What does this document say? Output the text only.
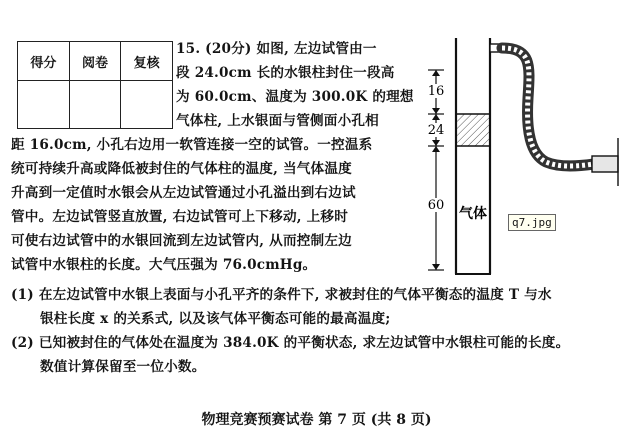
得分	阅卷	复核

15. (20分) 如图, 左边试管由一
段 24.0cm 长的水银柱封住一段高
为 60.0cm、温度为 300.0K 的理想
气体柱, 上水银面与管侧面小孔相
距 16.0cm, 小孔右边用一软管连接一空的试管。一控温系
统可持续升高或降低被封住的气体柱的温度, 当气体温度
升高到一定值时水银会从左边试管通过小孔溢出到右边试
管中。左边试管竖直放置, 右边试管可上下移动, 上移时
可使右边试管中的水银回流到左边试管内, 从而控制左边
试管中水银柱的长度。大气压强为 76.0cmHg。
(1) 在左边试管中水银上表面与小孔平齐的条件下, 求被封住的气体平衡态的温度 T 与水
银柱长度 x 的关系式, 以及该气体平衡态可能的最高温度;
(2) 已知被封住的气体处在温度为 384.0K 的平衡状态, 求左边试管中水银柱可能的长度。
数值计算保留至一位小数。
16
24
60
气体
q7.jpg
物理竞赛预赛试卷 第 7 页 (共 8 页)
